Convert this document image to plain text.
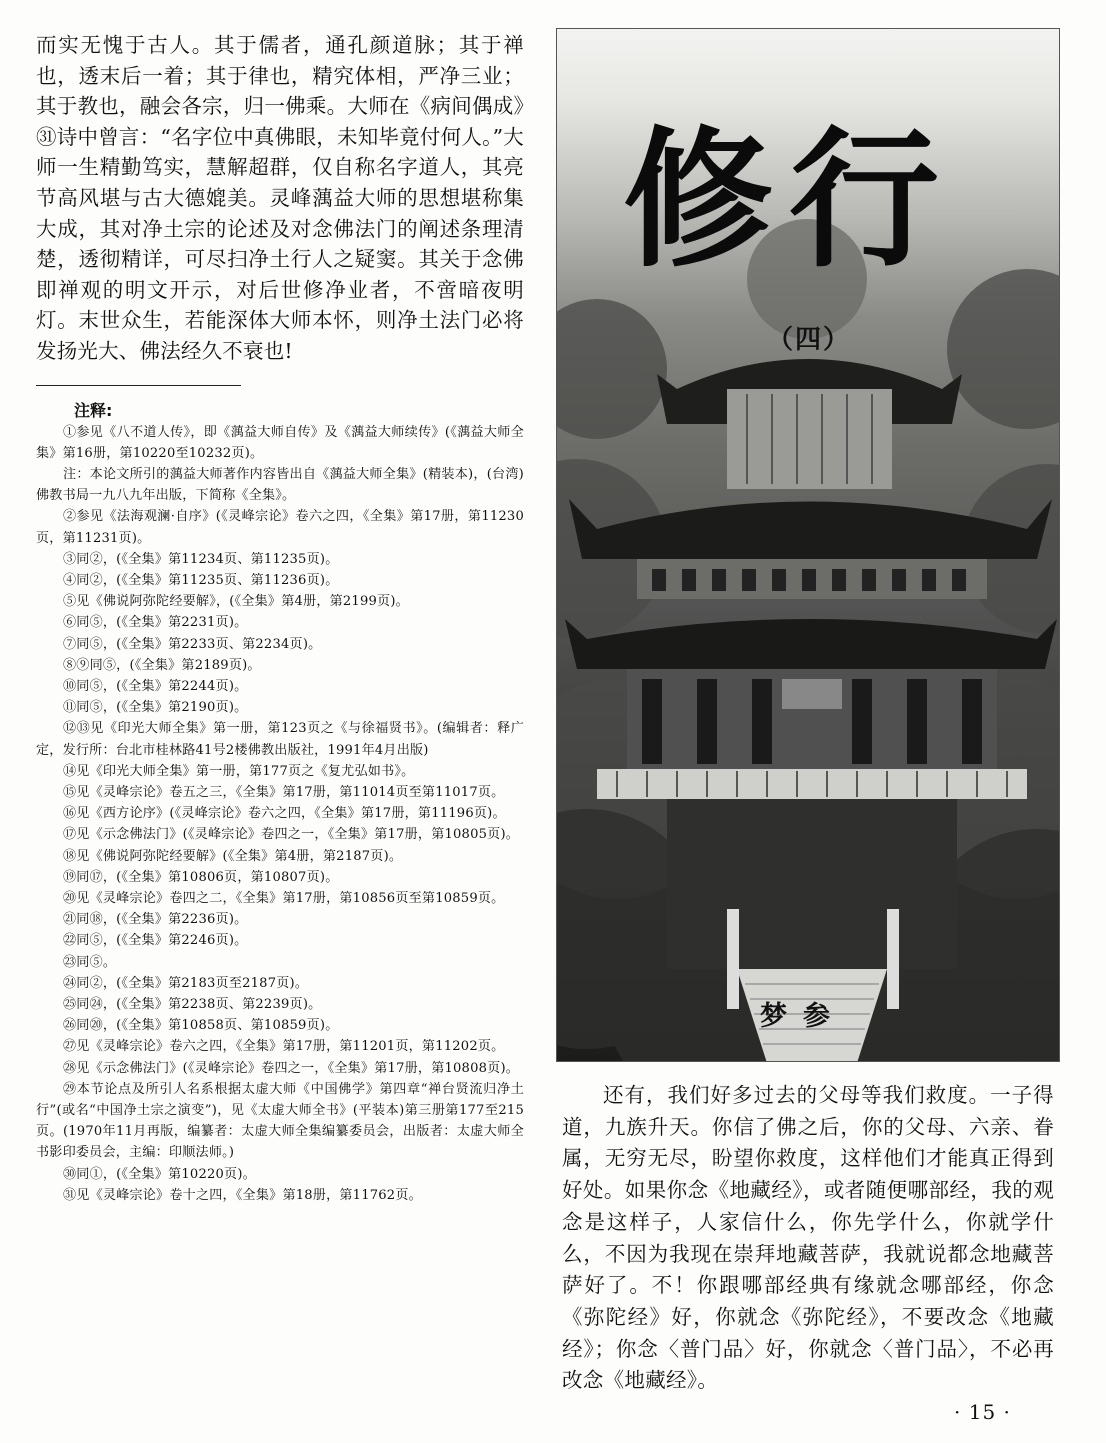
而实无愧于古人。其于儒者，通孔颜道脉；其于禅也，透末后一着；其于律也，精究体相，严净三业；其于教也，融会各宗，归一佛乘。大师在《病间偶成》㉛诗中曾言：“名字位中真佛眼，未知毕竟付何人。”大师一生精勤笃实，慧解超群，仅自称名字道人，其亮节高风堪与古大德媲美。灵峰蕅益大师的思想堪称集大成，其对净土宗的论述及对念佛法门的阐述条理清楚，透彻精详，可尽扫净土行人之疑窦。其关于念佛即禅观的明文开示，对后世修净业者，不啻暗夜明灯。末世众生，若能深体大师本怀，则净土法门必将发扬光大、佛法经久不衰也!

注释:

①参见《八不道人传》，即《蕅益大师自传》及《蕅益大师续传》(《蕅益大师全集》第16册，第10220至10232页)。

注：本论文所引的蕅益大师著作内容皆出自《蕅益大师全集》(精装本)，(台湾)佛教书局一九八九年出版，下简称《全集》。

②参见《法海观澜·自序》(《灵峰宗论》卷六之四，《全集》第17册，第11230页，第11231页)。

③同②，(《全集》第11234页、第11235页)。

④同②，(《全集》第11235页、第11236页)。

⑤见《佛说阿弥陀经要解》，(《全集》第4册，第2199页)。

⑥同⑤，(《全集》第2231页)。

⑦同⑤，(《全集》第2233页、第2234页)。

⑧⑨同⑤，(《全集》第2189页)。

⑩同⑤，(《全集》第2244页)。

⑪同⑤，(《全集》第2190页)。

⑫⑬见《印光大师全集》第一册，第123页之《与徐福贤书》。(编辑者：释广定，发行所：台北市桂林路41号2楼佛教出版社，1991年4月出版)

⑭见《印光大师全集》第一册，第177页之《复尤弘如书》。

⑮见《灵峰宗论》卷五之三，《全集》第17册，第11014页至第11017页。

⑯见《西方论序》(《灵峰宗论》卷六之四，《全集》第17册，第11196页)。

⑰见《示念佛法门》(《灵峰宗论》卷四之一，《全集》第17册，第10805页)。

⑱见《佛说阿弥陀经要解》(《全集》第4册，第2187页)。

⑲同⑰，(《全集》第10806页，第10807页)。

⑳见《灵峰宗论》卷四之二，《全集》第17册，第10856页至第10859页。

㉑同⑱，(《全集》第2236页)。

㉒同⑤，(《全集》第2246页)。

㉓同⑤。

㉔同②，(《全集》第2183页至2187页)。

㉕同㉔，(《全集》第2238页、第2239页)。

㉖同⑳，(《全集》第10858页、第10859页)。

㉗见《灵峰宗论》卷六之四，《全集》第17册，第11201页，第11202页。

㉘见《示念佛法门》(《灵峰宗论》卷四之一，《全集》第17册，第10808页)。

㉙本节论点及所引人名系根据太虚大师《中国佛学》第四章“禅台贤流归净土行”(或名“中国净土宗之演变”)，见《太虚大师全书》(平装本)第三册第177至215页。(1970年11月再版，编纂者：太虚大师全集编纂委员会，出版者：太虚大师全书影印委员会，主编：印顺法师。)

㉚同①，(《全集》第10220页)。

㉛见《灵峰宗论》卷十之四，《全集》第18册，第11762页。

修行
（四）
梦参

还有，我们好多过去的父母等我们救度。一子得道，九族升天。你信了佛之后，你的父母、六亲、眷属，无穷无尽，盼望你救度，这样他们才能真正得到好处。如果你念《地藏经》，或者随便哪部经，我的观念是这样子，人家信什么，你先学什么，你就学什么，不因为我现在崇拜地藏菩萨，我就说都念地藏菩萨好了。不！你跟哪部经典有缘就念哪部经，你念《弥陀经》好，你就念《弥陀经》，不要改念《地藏经》；你念〈普门品〉好，你就念〈普门品〉，不必再改念《地藏经》。

· 15 ·
